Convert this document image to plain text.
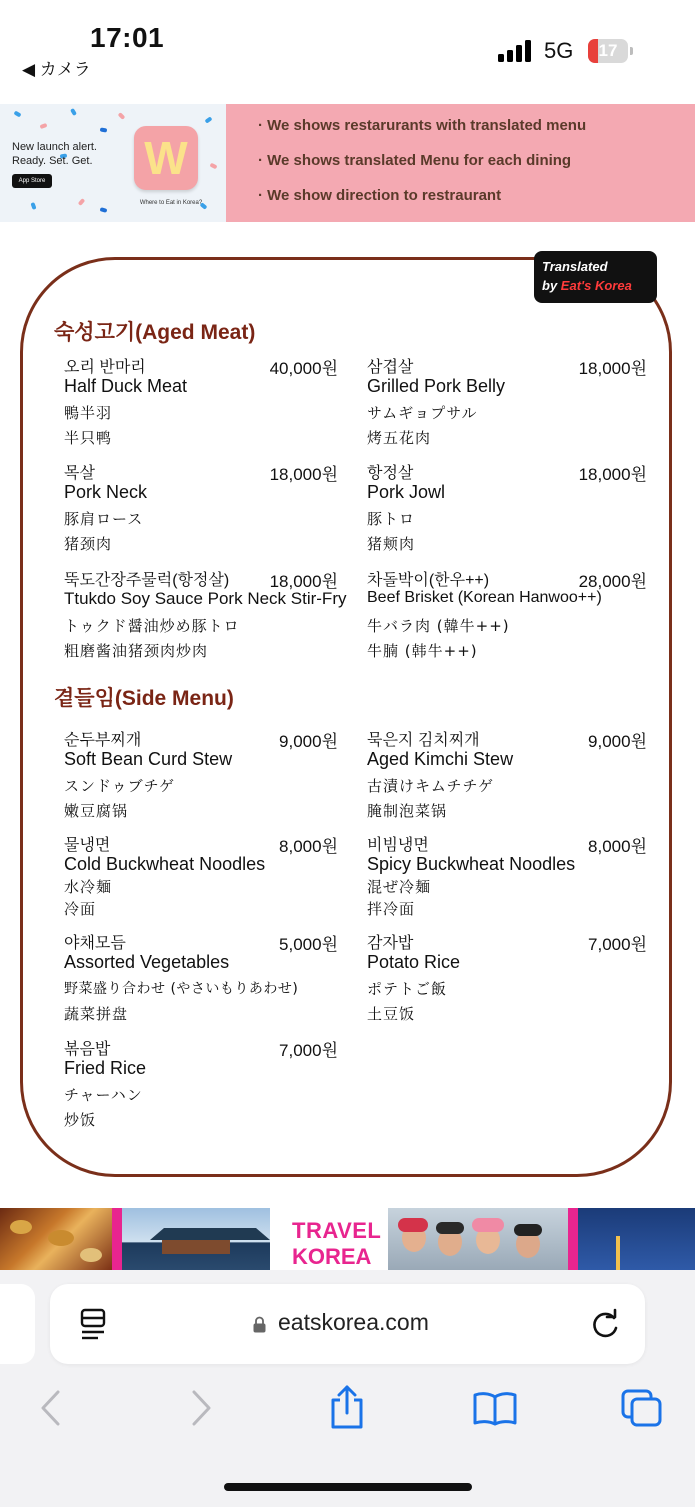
17:01
◀ カメラ
5G	17
New launch alert. Ready. Set. Get.
App Store W
Where to Eat in Korea?
· We shows restarurants with translated menu
· We shows translated Menu for each dining
· We show direction to restraurant
Translated
by Eat's Korea
숙성고기(Aged Meat)
오리 반마리	40,000원
Half Duck Meat
鴨半羽
半只鸭
삼겹살	18,000원
Grilled Pork Belly
サムギョプサル
烤五花肉
목살	18,000원
Pork Neck
豚肩ロース
猪颈肉
항정살	18,000원
Pork Jowl
豚トロ
猪颊肉
뚝도간장주물럭(항정살) 18,000원
Ttukdo Soy Sauce Pork Neck Stir-Fry
トゥクド醤油炒め豚トロ
粗磨酱油猪颈肉炒肉
차돌박이(한우++)	28,000원
Beef Brisket (Korean Hanwoo++)
牛バラ肉 (韓牛++)
牛腩 (韩牛++)
곁들임(Side Menu)
순두부찌개	9,000원
Soft Bean Curd Stew
スンドゥブチゲ
嫩豆腐锅
묵은지 김치찌개	9,000원
Aged Kimchi Stew
古漬けキムチチゲ
腌制泡菜锅
물냉면	8,000원
Cold Buckwheat Noodles
水冷麺
冷面
비빔냉면	8,000원
Spicy Buckwheat Noodles
混ぜ冷麺
拌冷面
야채모듬	5,000원
Assorted Vegetables
野菜盛り合わせ (やさいもりあわせ)
蔬菜拼盘
감자밥	7,000원
Potato Rice
ポテトご飯
土豆饭
볶음밥	7,000원
Fried Rice
チャーハン
炒饭
TRAVEL
KOREA
eatskorea.com
